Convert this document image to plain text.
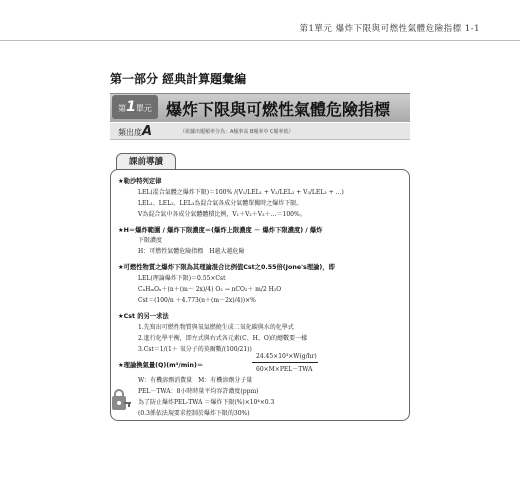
第1單元 爆炸下限與可燃性氣體危險指標 1-1
第一部分 經典計算題彙編
第1單元 爆炸下限與可燃性氣體危險指標
頻出度A	（依據出題頻率分為：A頻率高 B頻率中 C頻率低）
課前導讀
★勒沙特列定律
LEL(混合氣體之爆炸下限)＝100% /(V₁/LEL₁ + V₂/LEL₂ + V₃/LEL₃ + …)
LEL₁、LEL₂、LEL₃為混合氣各成分氣體單獨時之爆炸下限。
V為混合氣中各成分氣體體積比例，V₁＋V₂＋V₃＋…＝100%。
★H＝爆炸範圍 / 爆炸下限濃度＝(爆炸上限濃度 － 爆炸下限濃度) / 爆炸
下限濃度
H：可燃性氣體危險指標　H越大越危險
★可燃性物質之爆炸下限為其理論混合比例值Cst之0.55倍(Jone's理論)，即
LEL(理論爆炸下限)＝0.55×Cst
CₙHₘOₓ＋(n＋(m－ 2x)/4) O₂ → nCO₂＋ m/2 H₂O
Cst＝(100/n ＋4.773(n＋(m－2x)/4))×%
★Cst 的另一求法
1.先寫出可燃性物質與氧氣燃燒生成二氧化碳與水的化學式
2.進行化學平衡，即左式與右式各元素(C、H、O)的總數要一樣
3.Cst＝1/(1＋ 氧分子的莫爾數/(100/21))
★理論換氣量(Q)(m³/min)＝
24.45×10³×W(g/hr)
60×M×PEL－TWA
W：有機溶劑消費量　M：有機溶劑分子量
PEL－TWA：8小時時量平均容許濃度(ppm)
為了防止爆炸PEL-TWA ＝爆炸下限(%)×10⁴×0.3
(0.3係依法規要求控制於爆炸下限的30%)
